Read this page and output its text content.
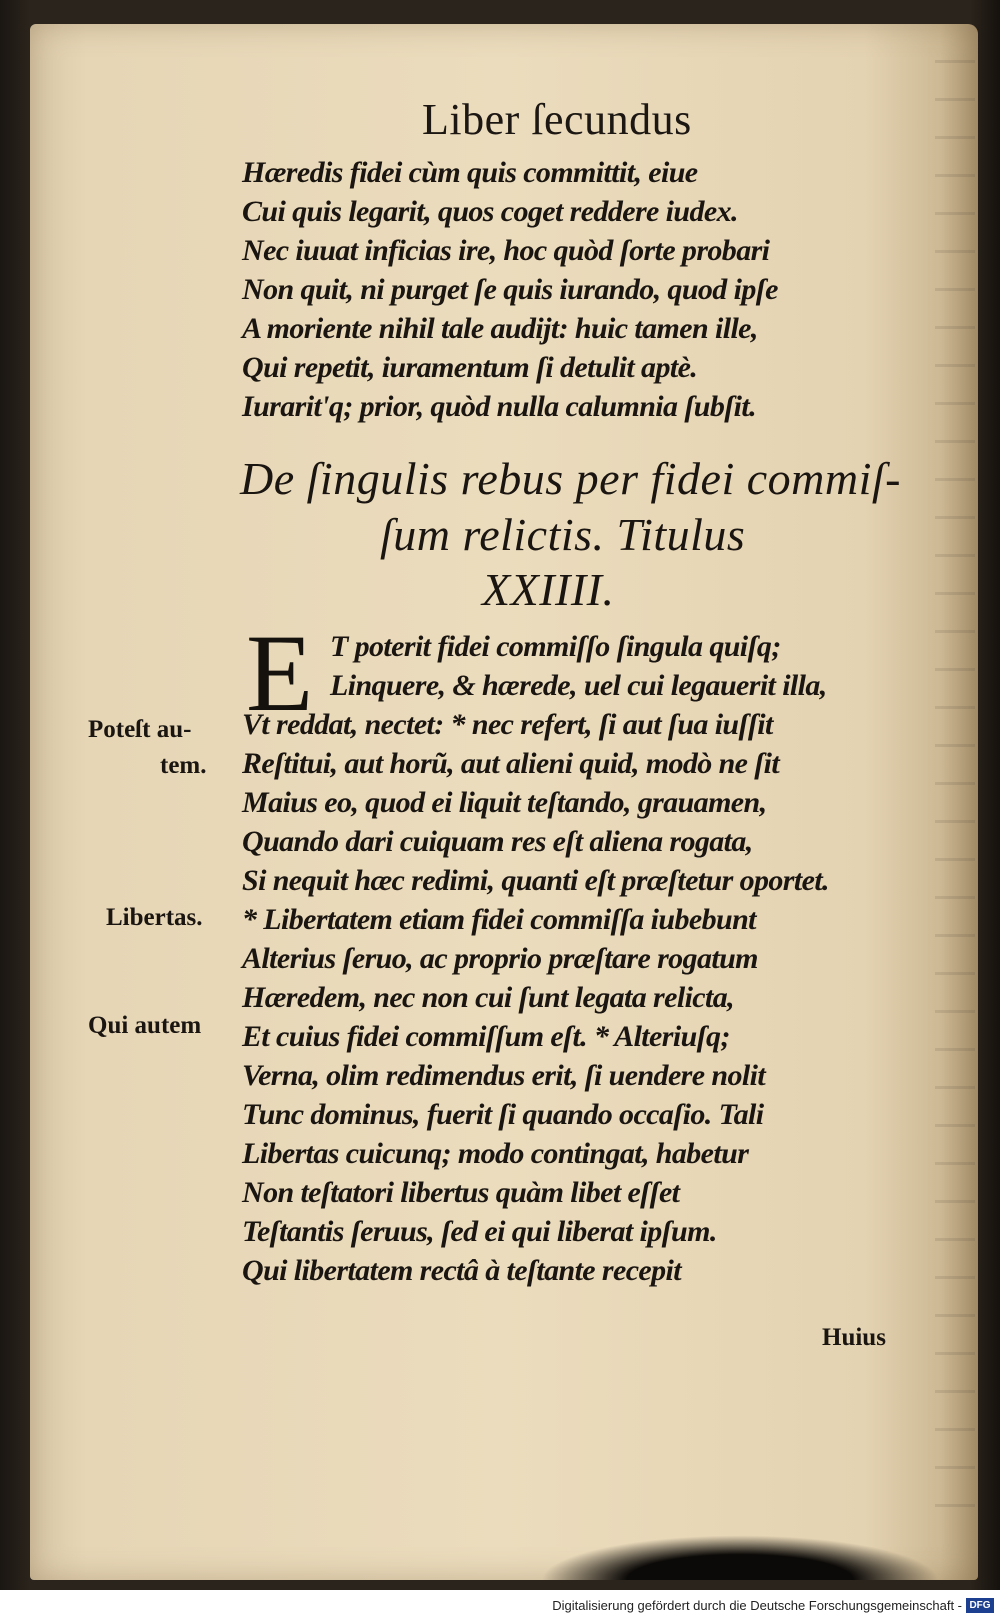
Liber ſecundus
Hæredis fidei cùm quis committit, eiue
Cui quis legarit, quos coget reddere iudex.
Nec iuuat inficias ire, hoc quòd ſorte probari
Non quit, ni purget ſe quis iurando, quod ipſe
A moriente nihil tale audijt: huic tamen ille,
Qui repetit, iuramentum ſi detulit aptè.
Iurarit'q; prior, quòd nulla calumnia ſubſit.
De ſingulis rebus per fidei commiſ-
ſum relictis. Titulus
XXIIII.
E T poterit fidei commiſſo ſingula quiſq;
Linquere, & hærede, uel cui legauerit illa,
Vt reddat, nectet: * nec refert, ſi aut ſua iuſſit
Reſtitui, aut horũ, aut alieni quid, modò ne ſit
Maius eo, quod ei liquit teſtando, grauamen,
Quando dari cuiquam res eſt aliena rogata,
Si nequit hæc redimi, quanti eſt præſtetur oportet.
* Libertatem etiam fidei commiſſa iubebunt
Alterius ſeruo, ac proprio præſtare rogatum
Hæredem, nec non cui ſunt legata relicta,
Et cuius fidei commiſſum eſt. * Alteriuſq;
Verna, olim redimendus erit, ſi uendere nolit
Tunc dominus, fuerit ſi quando occaſio. Tali
Libertas cuicunq; modo contingat, habetur
Non teſtatori libertus quàm libet eſſet
Teſtantis ſeruus, ſed ei qui liberat ipſum.
Qui libertatem rectâ à teſtante recepit
Poteſt au-
tem.
Libertas.
Qui autem
Huius
Digitalisierung gefördert durch die Deutsche Forschungsgemeinschaft - DFG
